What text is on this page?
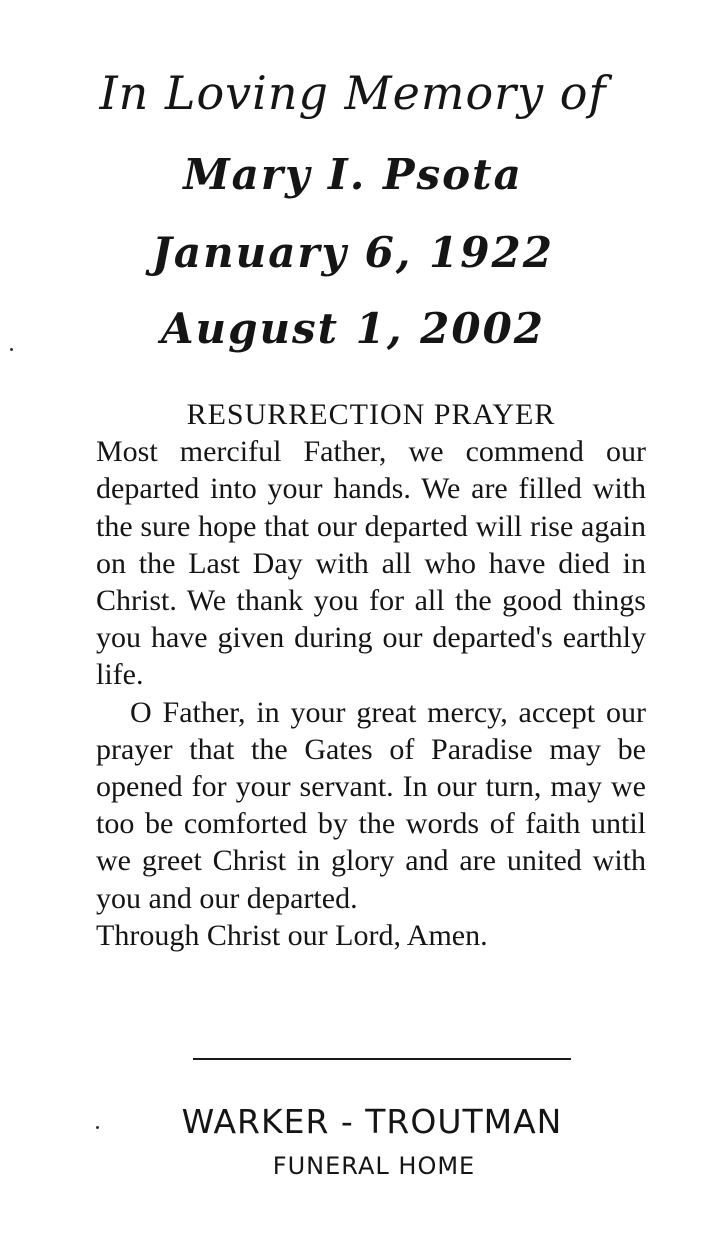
In Loving Memory of
Mary I. Psota
January 6, 1922
August 1, 2002
RESURRECTION PRAYER

Most merciful Father, we commend our departed into your hands. We are filled with the sure hope that our departed will rise again on the Last Day with all who have died in Christ. We thank you for all the good things you have given during our departed's earthly life.

O Father, in your great mercy, accept our prayer that the Gates of Paradise may be opened for your servant. In our turn, may we too be comforted by the words of faith until we greet Christ in glory and are united with you and our departed.

Through Christ our Lord, Amen.

WARKER - TROUTMAN
FUNERAL HOME
